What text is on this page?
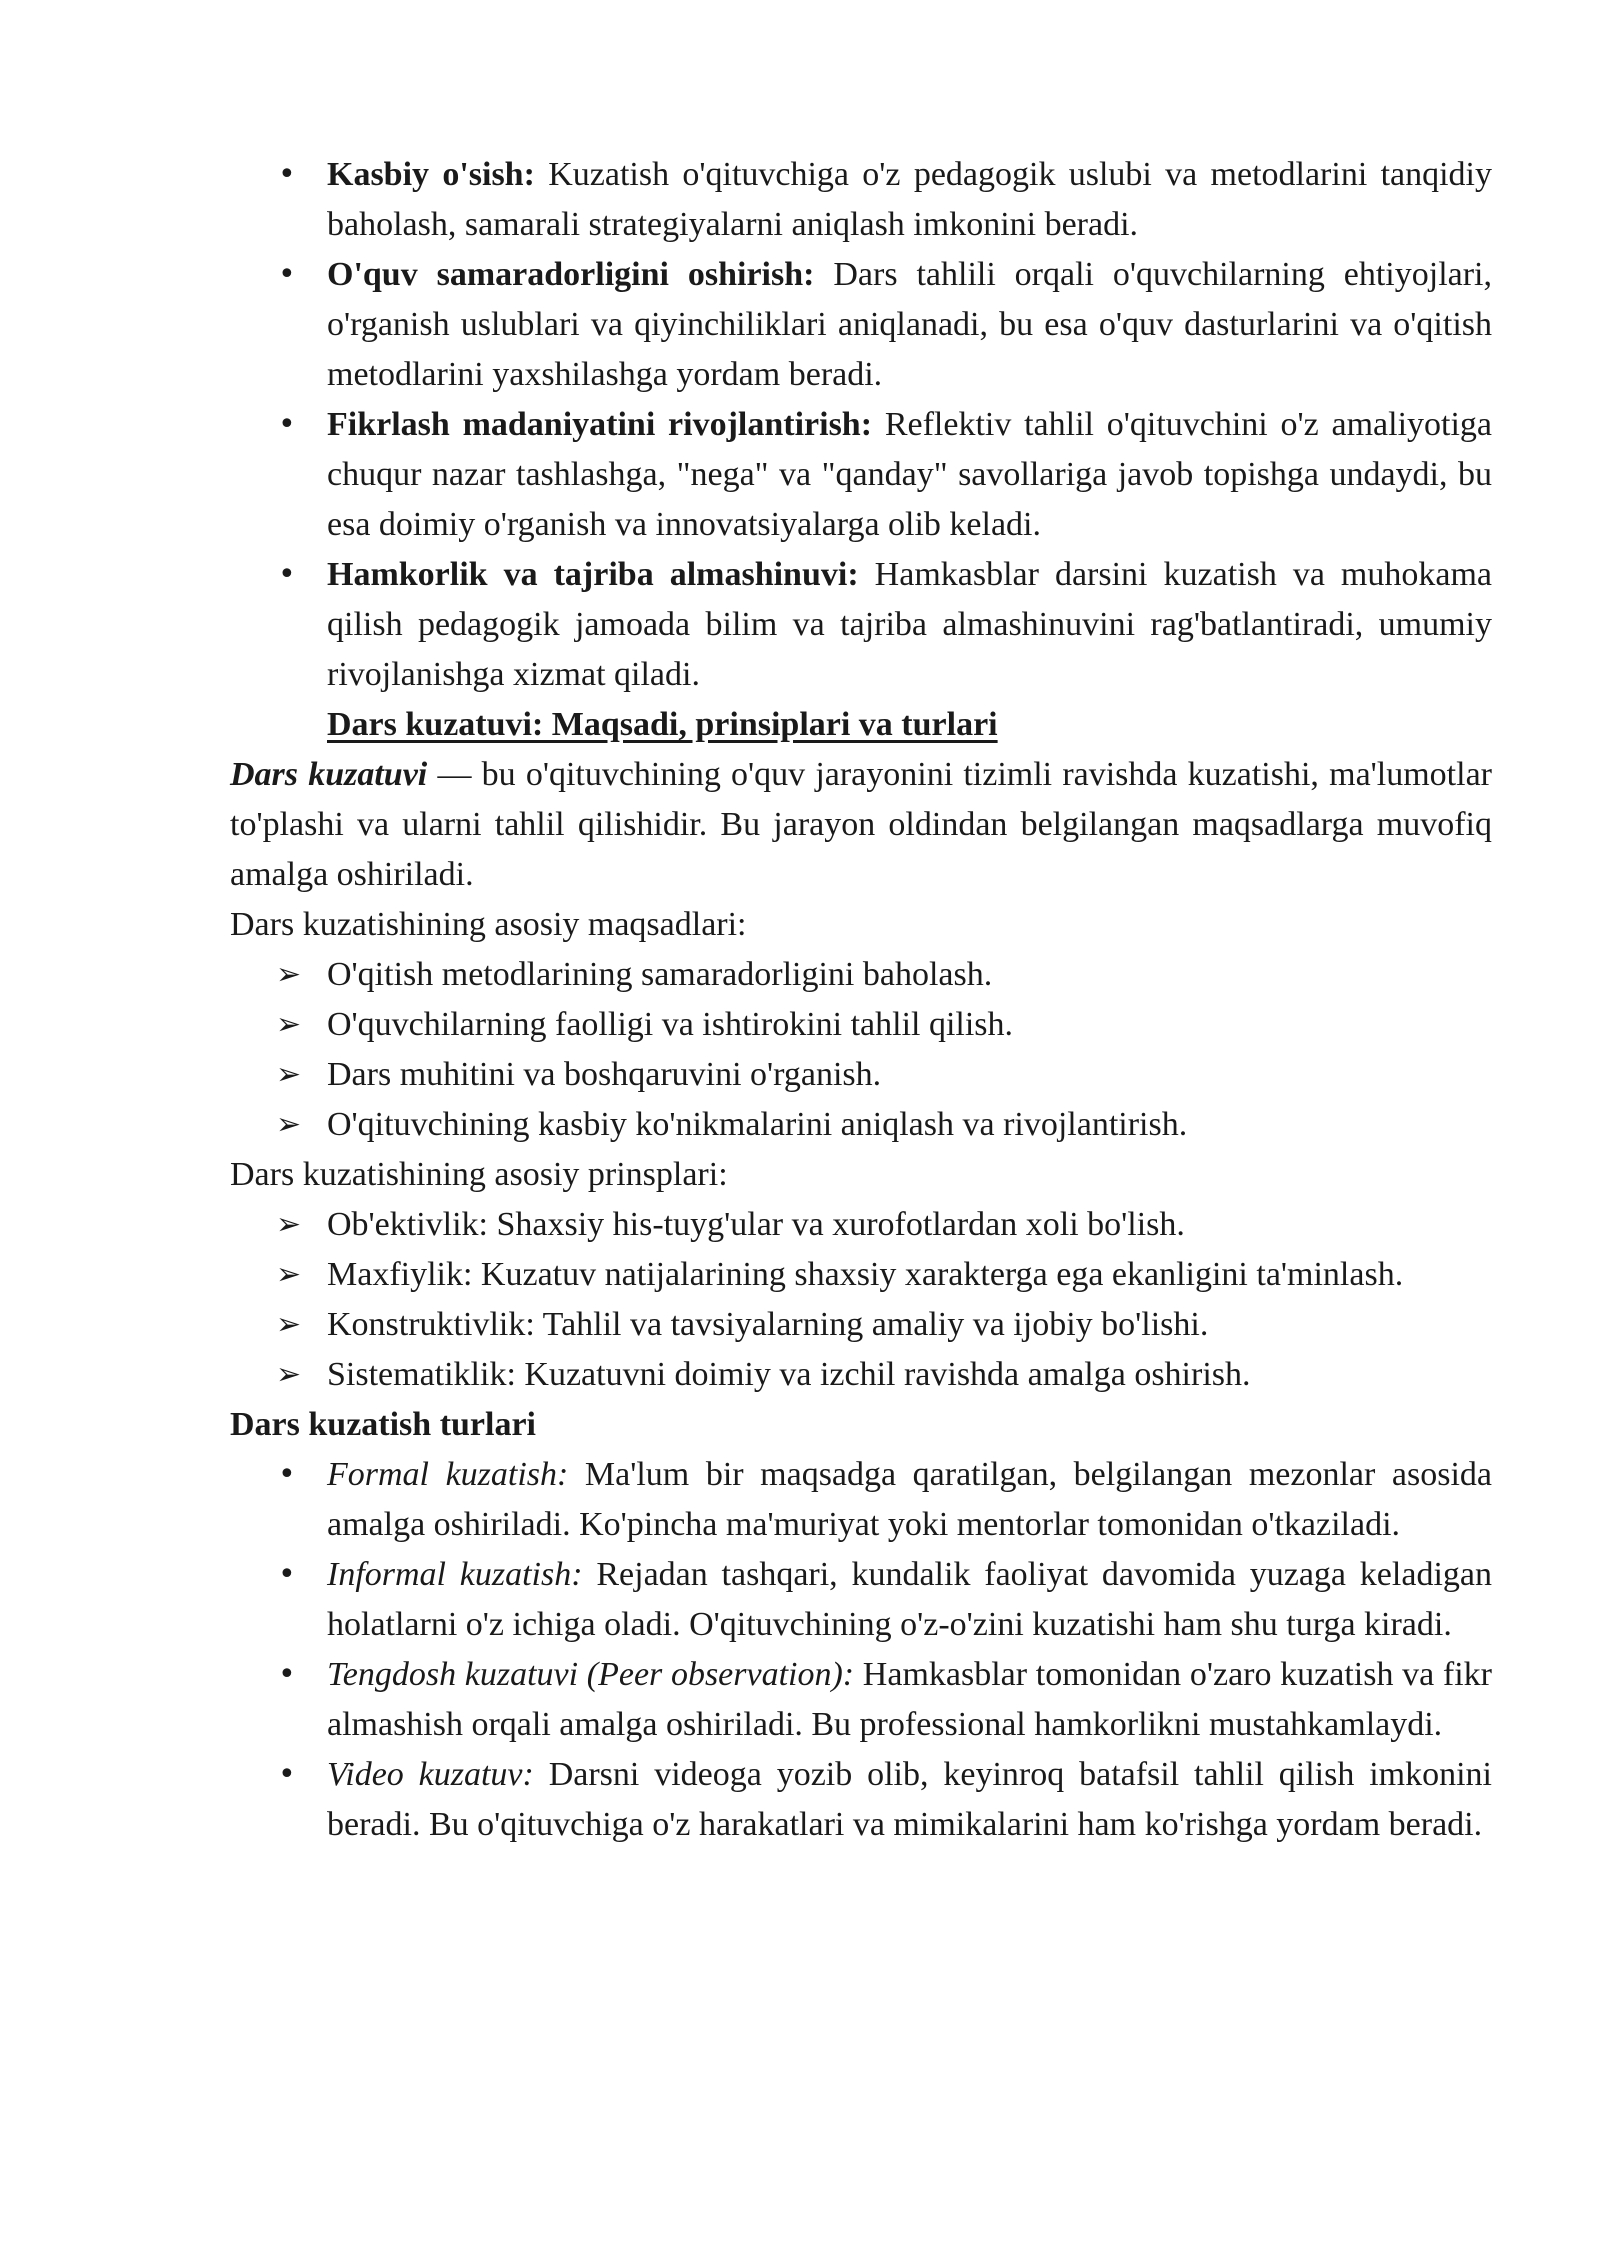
• Kasbiy o'sish: Kuzatish o'qituvchiga o'z pedagogik uslubi va metodlarini tanqidiy baholash, samarali strategiyalarni aniqlash imkonini beradi.
• O'quv samaradorligini oshirish: Dars tahlili orqali o'quvchilarning ehtiyojlari, o'rganish uslublari va qiyinchiliklari aniqlanadi, bu esa o'quv dasturlarini va o'qitish metodlarini yaxshilashga yordam beradi.
• Fikrlash madaniyatini rivojlantirish: Reflektiv tahlil o'qituvchini o'z amaliyotiga chuqur nazar tashlashga, "nega" va "qanday" savollariga javob topishga undaydi, bu esa doimiy o'rganish va innovatsiyalarga olib keladi.
• Hamkorlik va tajriba almashinuvi: Hamkasblar darsini kuzatish va muhokama qilish pedagogik jamoada bilim va tajriba almashinuvini rag'batlantiradi, umumiy rivojlanishga xizmat qiladi.

Dars kuzatuvi: Maqsadi, prinsiplari va turlari

Dars kuzatuvi — bu o'qituvchining o'quv jarayonini tizimli ravishda kuzatishi, ma'lumotlar to'plashi va ularni tahlil qilishidir. Bu jarayon oldindan belgilangan maqsadlarga muvofiq amalga oshiriladi.

Dars kuzatishining asosiy maqsadlari:

➢ O'qitish metodlarining samaradorligini baholash.
➢ O'quvchilarning faolligi va ishtirokini tahlil qilish.
➢ Dars muhitini va boshqaruvini o'rganish.
➢ O'qituvchining kasbiy ko'nikmalarini aniqlash va rivojlantirish.

Dars kuzatishining asosiy prinsplari:

➢ Ob'ektivlik: Shaxsiy his-tuyg'ular va xurofotlardan xoli bo'lish.
➢ Maxfiylik: Kuzatuv natijalarining shaxsiy xarakterga ega ekanligini ta'minlash.
➢ Konstruktivlik: Tahlil va tavsiyalarning amaliy va ijobiy bo'lishi.
➢ Sistematiklik: Kuzatuvni doimiy va izchil ravishda amalga oshirish.

Dars kuzatish turlari

• Formal kuzatish: Ma'lum bir maqsadga qaratilgan, belgilangan mezonlar asosida amalga oshiriladi. Ko'pincha ma'muriyat yoki mentorlar tomonidan o'tkaziladi.
• Informal kuzatish: Rejadan tashqari, kundalik faoliyat davomida yuzaga keladigan holatlarni o'z ichiga oladi. O'qituvchining o'z-o'zini kuzatishi ham shu turga kiradi.
• Tengdosh kuzatuvi (Peer observation): Hamkasblar tomonidan o'zaro kuzatish va fikr almashish orqali amalga oshiriladi. Bu professional hamkorlikni mustahkamlaydi.
• Video kuzatuv: Darsni videoga yozib olib, keyinroq batafsil tahlil qilish imkonini beradi. Bu o'qituvchiga o'z harakatlari va mimikalarini ham ko'rishga yordam beradi.
